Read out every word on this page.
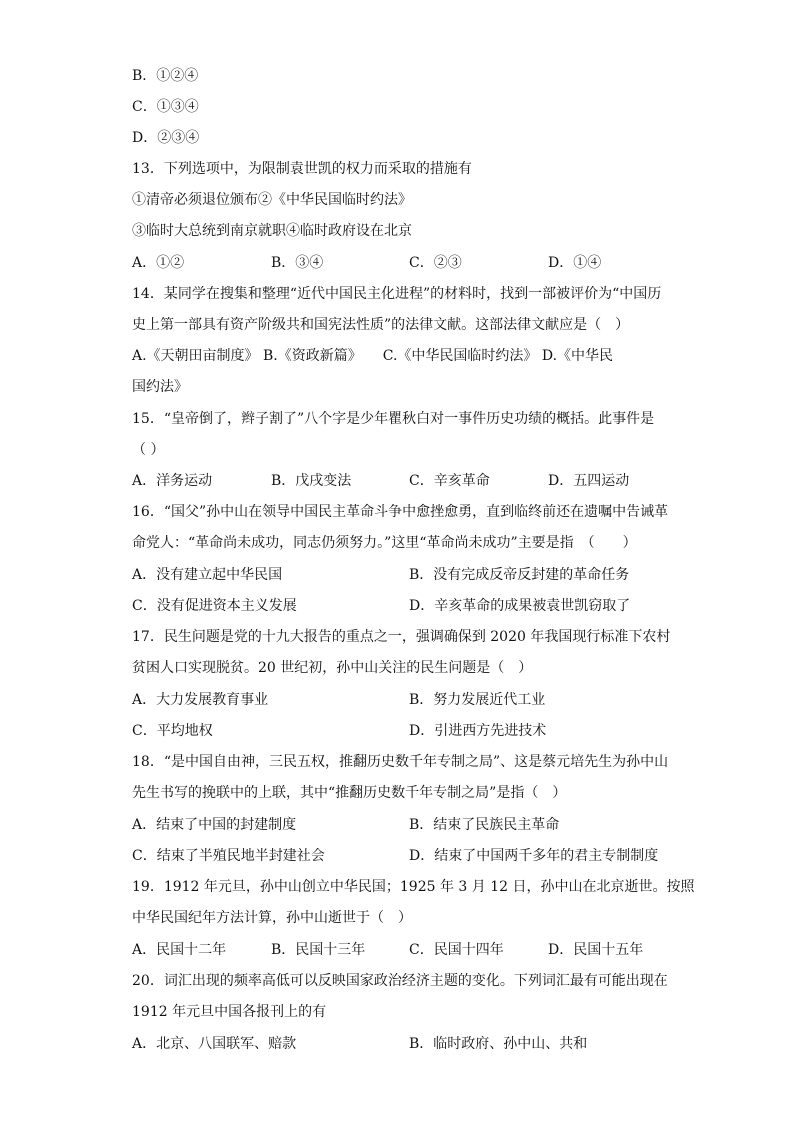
B．①②④
C．①③④
D．②③④
13．下列选项中，为限制袁世凯的权力而采取的措施有
①清帝必须退位颁布②《中华民国临时约法》
③临时大总统到南京就职④临时政府设在北京
A．①②	B．③④	C．②③	D．①④
14．某同学在搜集和整理“近代中国民主化进程”的材料时，找到一部被评价为“中国历
史上第一部具有资产阶级共和国宪法性质”的法律文献。这部法律文献应是（　）
A.《天朝田亩制度》 B.《资政新篇》　　C.《中华民国临时约法》 D.《中华民
国约法》
15．“皇帝倒了，辫子割了”八个字是少年瞿秋白对一事件历史功绩的概括。此事件是
（ ）
A．洋务运动	B．戊戌变法	C．辛亥革命	D．五四运动
16．“国父”孙中山在领导中国民主革命斗争中愈挫愈勇，直到临终前还在遗嘱中告诫革
命党人：“革命尚未成功，同志仍须努力。”这里“革命尚未成功”主要是指　（　　）
A．没有建立起中华民国	B．没有完成反帝反封建的革命任务
C．没有促进资本主义发展	D．辛亥革命的成果被袁世凯窃取了
17．民生问题是党的十九大报告的重点之一，强调确保到 2020 年我国现行标准下农村
贫困人口实现脱贫。20 世纪初，孙中山关注的民生问题是（　）
A．大力发展教育事业	B．努力发展近代工业
C．平均地权	D．引进西方先进技术
18．“是中国自由神，三民五权，推翻历史数千年专制之局”、这是蔡元培先生为孙中山
先生书写的挽联中的上联，其中“推翻历史数千年专制之局”是指（　）
A．结束了中国的封建制度	B．结束了民族民主革命
C．结束了半殖民地半封建社会	D．结束了中国两千多年的君主专制制度
19．1912 年元旦，孙中山创立中华民国；1925 年 3 月 12 日，孙中山在北京逝世。按照
中华民国纪年方法计算，孙中山逝世于（　）
A．民国十二年	B．民国十三年	C．民国十四年	D．民国十五年
20．词汇出现的频率高低可以反映国家政治经济主题的变化。下列词汇最有可能出现在
1912 年元旦中国各报刊上的有
A．北京、八国联军、赔款	B．临时政府、孙中山、共和
